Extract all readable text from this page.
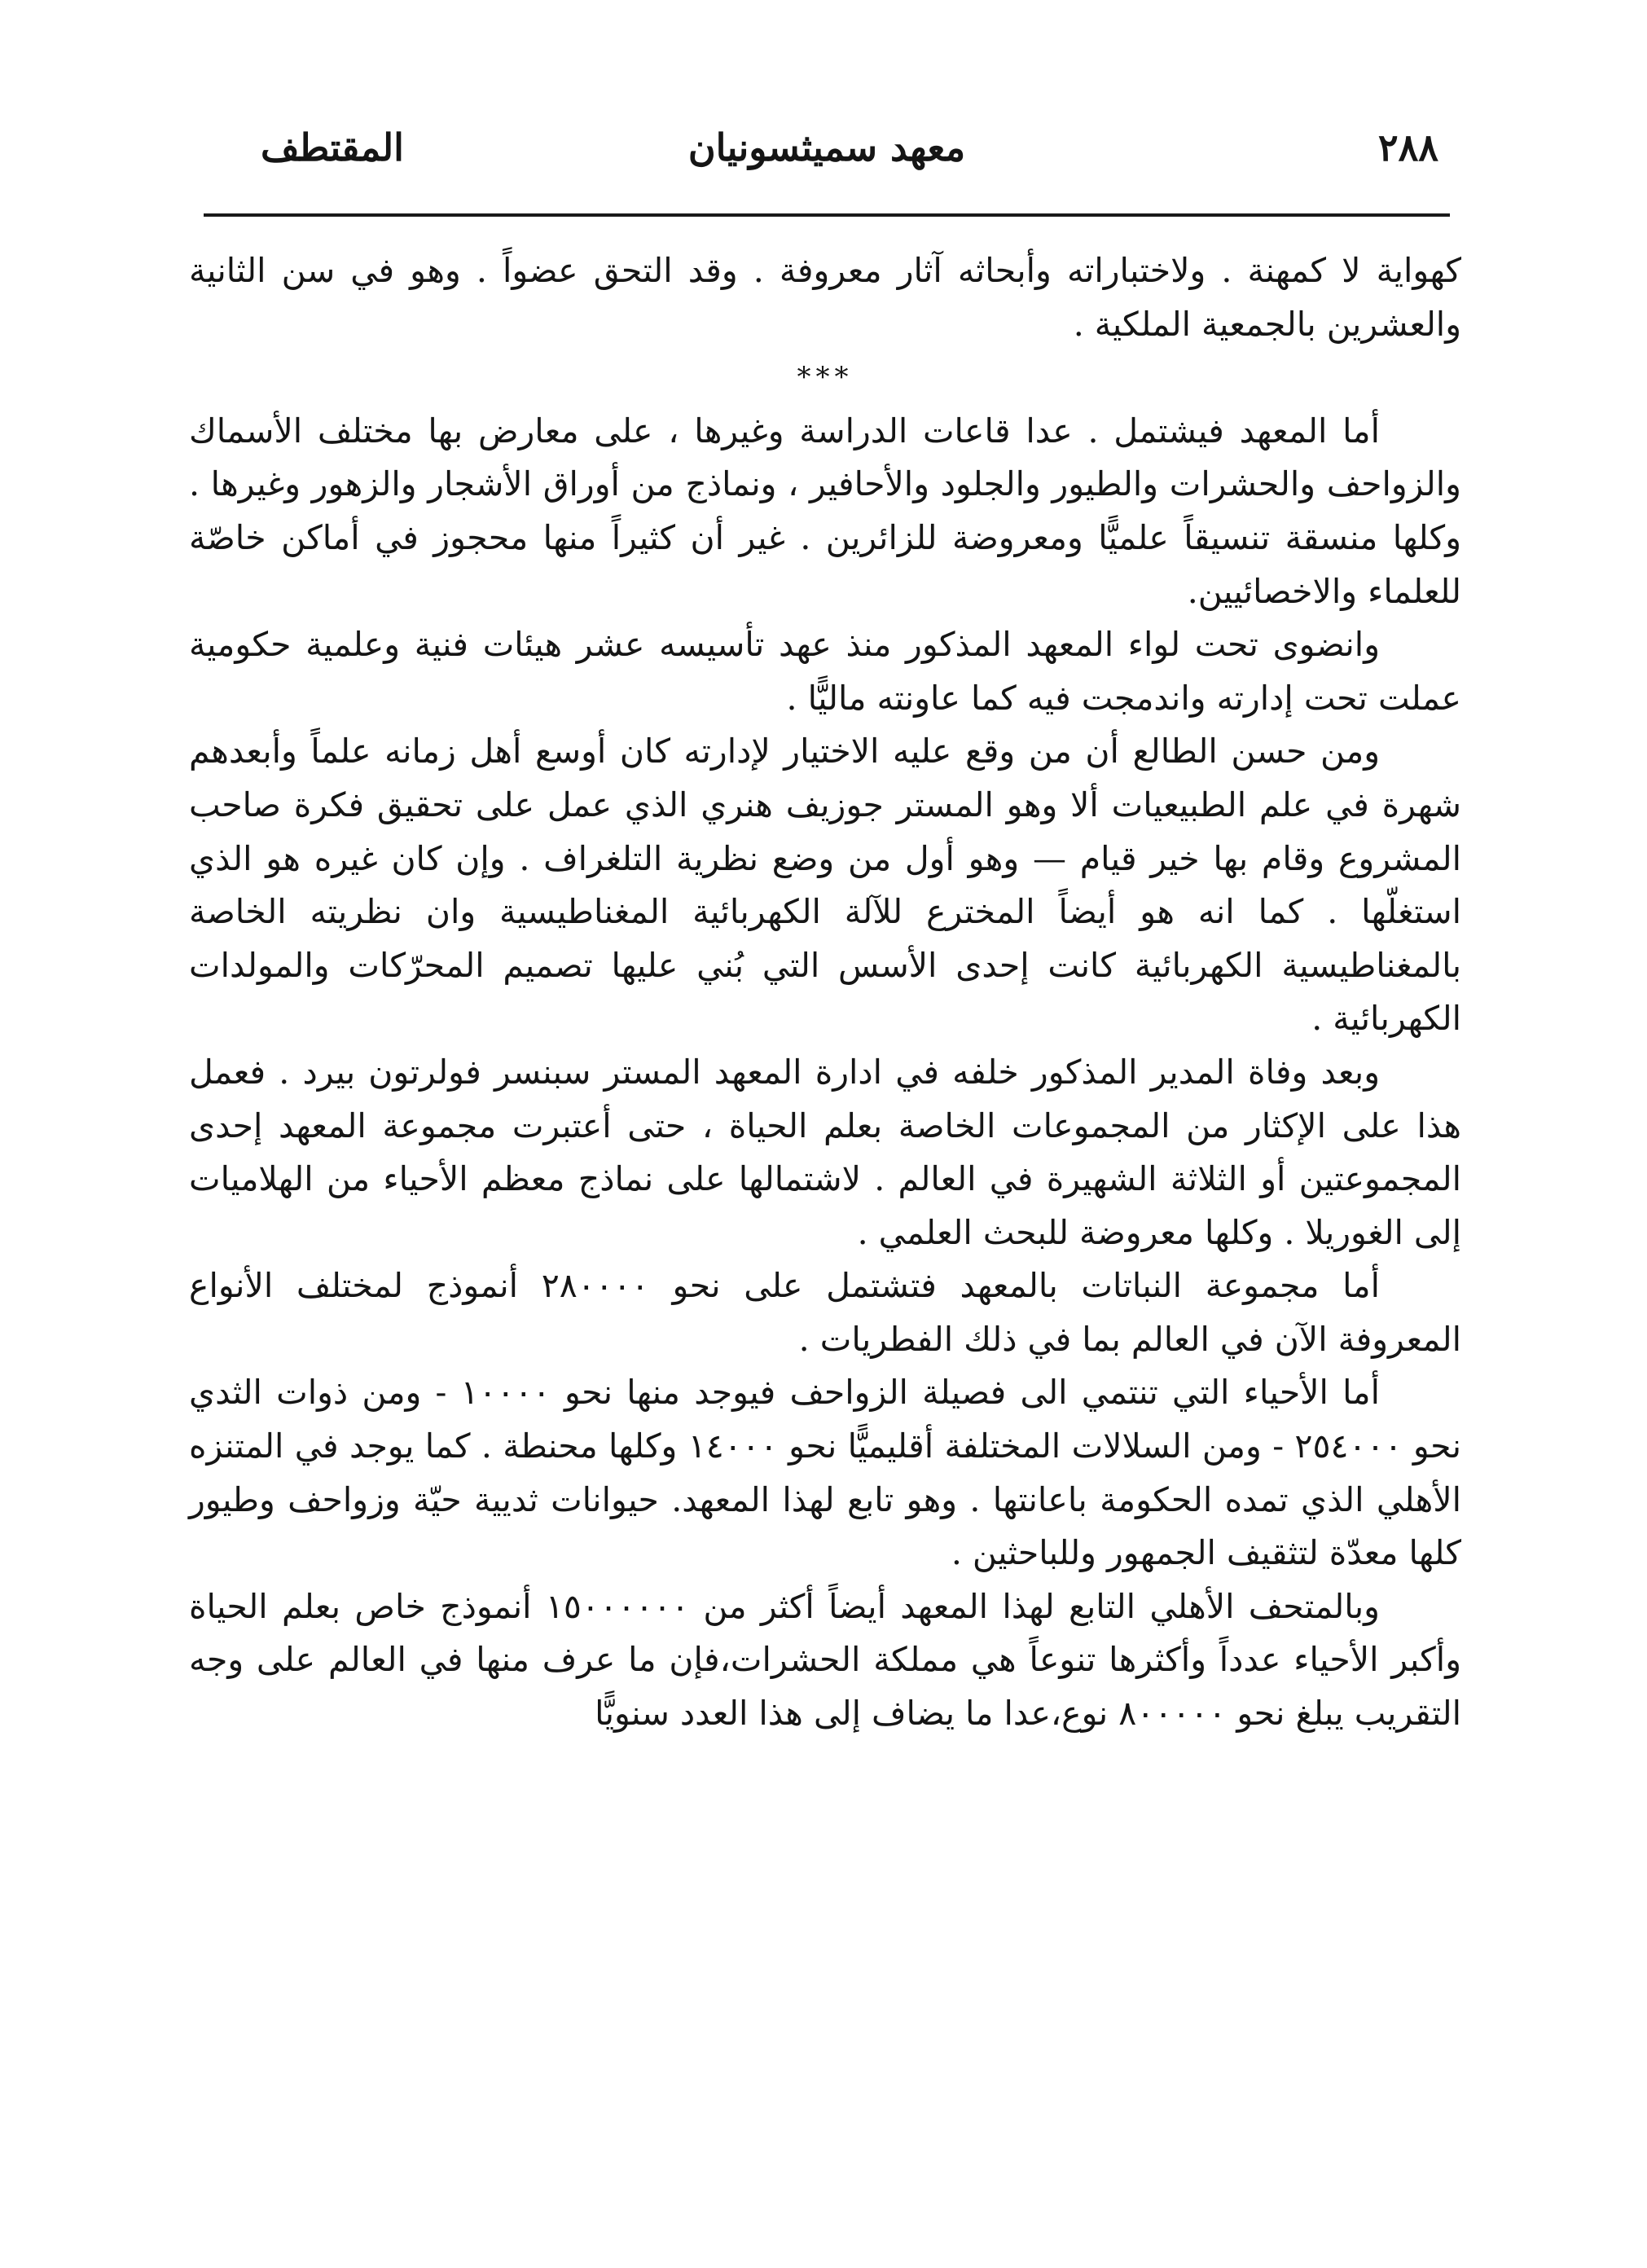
٢٨٨
معهد سميثسونيان
المقتطف

كهواية لا كمهنة . ولاختباراته وأبحاثه آثار معروفة . وقد التحق عضواً . وهو في سن الثانية والعشرين بالجمعية الملكية .

***

أما المعهد فيشتمل . عدا قاعات الدراسة وغيرها ، على معارض بها مختلف الأسماك والزواحف والحشرات والطيور والجلود والأحافير ، ونماذج من أوراق الأشجار والزهور وغيرها . وكلها منسقة تنسيقاً علميًّا ومعروضة للزائرين . غير أن كثيراً منها محجوز في أماكن خاصّة للعلماء والاخصائيين.

وانضوى تحت لواء المعهد المذكور منذ عهد تأسيسه عشر هيئات فنية وعلمية حكومية عملت تحت إدارته واندمجت فيه كما عاونته ماليًّا .

ومن حسن الطالع أن من وقع عليه الاختيار لإدارته كان أوسع أهل زمانه علماً وأبعدهم شهرة في علم الطبيعيات ألا وهو المستر جوزيف هنري الذي عمل على تحقيق فكرة صاحب المشروع وقام بها خير قيام — وهو أول من وضع نظرية التلغراف . وإن كان غيره هو الذي استغلّها . كما انه هو أيضاً المخترع للآلة الكهربائية المغناطيسية وان نظريته الخاصة بالمغناطيسية الكهربائية كانت إحدى الأسس التي بُني عليها تصميم المحرّكات والمولدات الكهربائية .

وبعد وفاة المدير المذكور خلفه في ادارة المعهد المستر سبنسر فولرتون بيرد . فعمل هذا على الإكثار من المجموعات الخاصة بعلم الحياة ، حتى أعتبرت مجموعة المعهد إحدى المجموعتين أو الثلاثة الشهيرة في العالم . لاشتمالها على نماذج معظم الأحياء من الهلاميات إلى الغوريلا . وكلها معروضة للبحث العلمي .

أما مجموعة النباتات بالمعهد فتشتمل على نحو ٢٨٠٠٠٠ أنموذج لمختلف الأنواع المعروفة الآن في العالم بما في ذلك الفطريات .

أما الأحياء التي تنتمي الى فصيلة الزواحف فيوجد منها نحو ١٠٠٠٠ - ومن ذوات الثدي نحو ٢٥٤٠٠٠ - ومن السلالات المختلفة أقليميًّا نحو ١٤٠٠٠ وكلها محنطة . كما يوجد في المتنزه الأهلي الذي تمده الحكومة باعانتها . وهو تابع لهذا المعهد. حيوانات ثديية حيّة وزواحف وطيور كلها معدّة لتثقيف الجمهور وللباحثين .

وبالمتحف الأهلي التابع لهذا المعهد أيضاً أكثر من ١٥٠٠٠٠٠٠ أنموذج خاص بعلم الحياة وأكبر الأحياء عدداً وأكثرها تنوعاً هي مملكة الحشرات،فإن ما عرف منها في العالم على وجه التقريب يبلغ نحو ٨٠٠٠٠٠ نوع،عدا ما يضاف إلى هذا العدد سنويًّا
